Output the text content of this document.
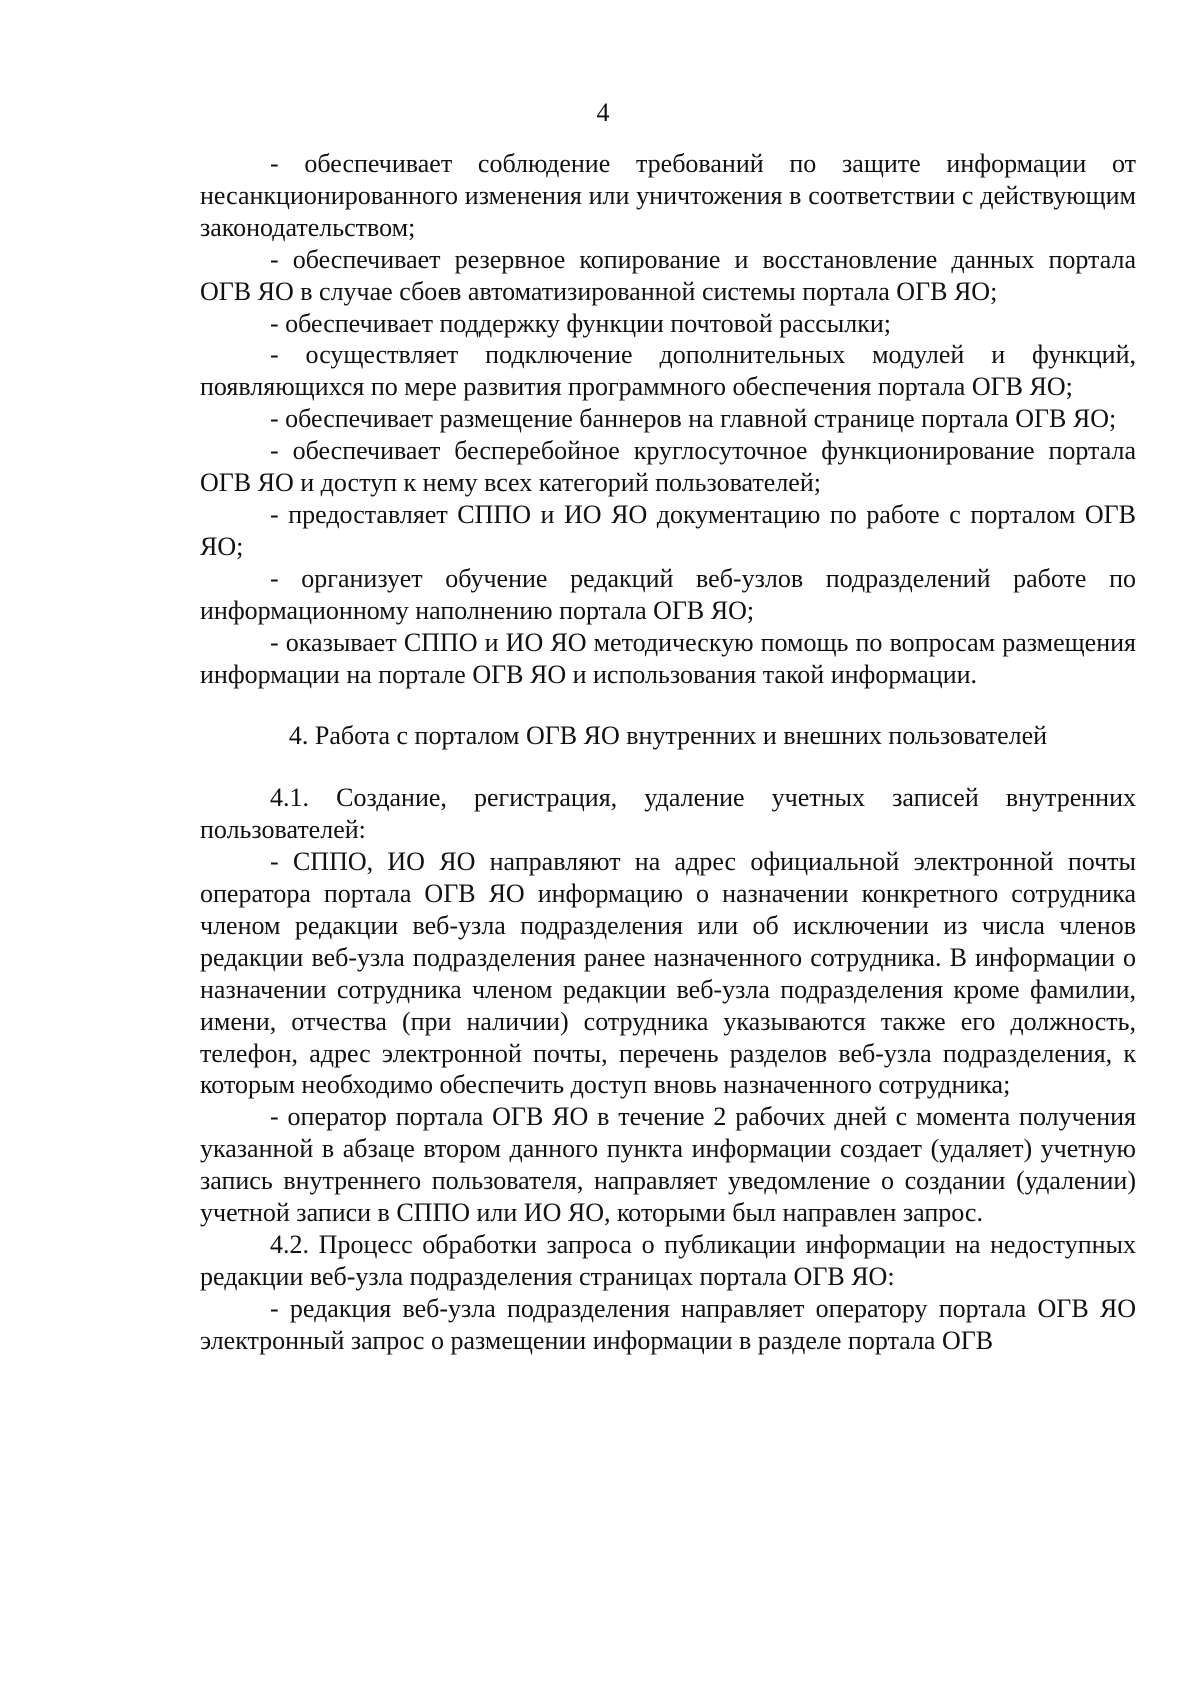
4

- обеспечивает соблюдение требований по защите информации от несанкционированного изменения или уничтожения в соответствии с действующим законодательством;

- обеспечивает резервное копирование и восстановление данных портала ОГВ ЯО в случае сбоев автоматизированной системы портала ОГВ ЯО;

- обеспечивает поддержку функции почтовой рассылки;

- осуществляет подключение дополнительных модулей и функций, появляющихся по мере развития программного обеспечения портала ОГВ ЯО;

- обеспечивает размещение баннеров на главной странице портала ОГВ ЯО;

- обеспечивает бесперебойное круглосуточное функционирование портала ОГВ ЯО и доступ к нему всех категорий пользователей;

- предоставляет СППО и ИО ЯО документацию по работе с порталом ОГВ ЯО;

- организует обучение редакций веб-узлов подразделений работе по информационному наполнению портала ОГВ ЯО;

- оказывает СППО и ИО ЯО методическую помощь по вопросам размещения информации на портале ОГВ ЯО и использования такой информации.

4. Работа с порталом ОГВ ЯО внутренних и внешних пользователей

4.1. Создание, регистрация, удаление учетных записей внутренних пользователей:

- СППО, ИО ЯО направляют на адрес официальной электронной почты оператора портала ОГВ ЯО информацию о назначении конкретного сотрудника членом редакции веб-узла подразделения или об исключении из числа членов редакции веб-узла подразделения ранее назначенного сотрудника. В информации о назначении сотрудника членом редакции веб-узла подразделения кроме фамилии, имени, отчества (при наличии) сотрудника указываются также его должность, телефон, адрес электронной почты, перечень разделов веб-узла подразделения, к которым необходимо обеспечить доступ вновь назначенного сотрудника;

- оператор портала ОГВ ЯО в течение 2 рабочих дней с момента получения указанной в абзаце втором данного пункта информации создает (удаляет) учетную запись внутреннего пользователя, направляет уведомление о создании (удалении) учетной записи в СППО или ИО ЯО, которыми был направлен запрос.

4.2. Процесс обработки запроса о публикации информации на недоступных редакции веб-узла подразделения страницах портала ОГВ ЯО:

- редакция веб-узла подразделения направляет оператору портала ОГВ ЯО электронный запрос о размещении информации в разделе портала ОГВ
